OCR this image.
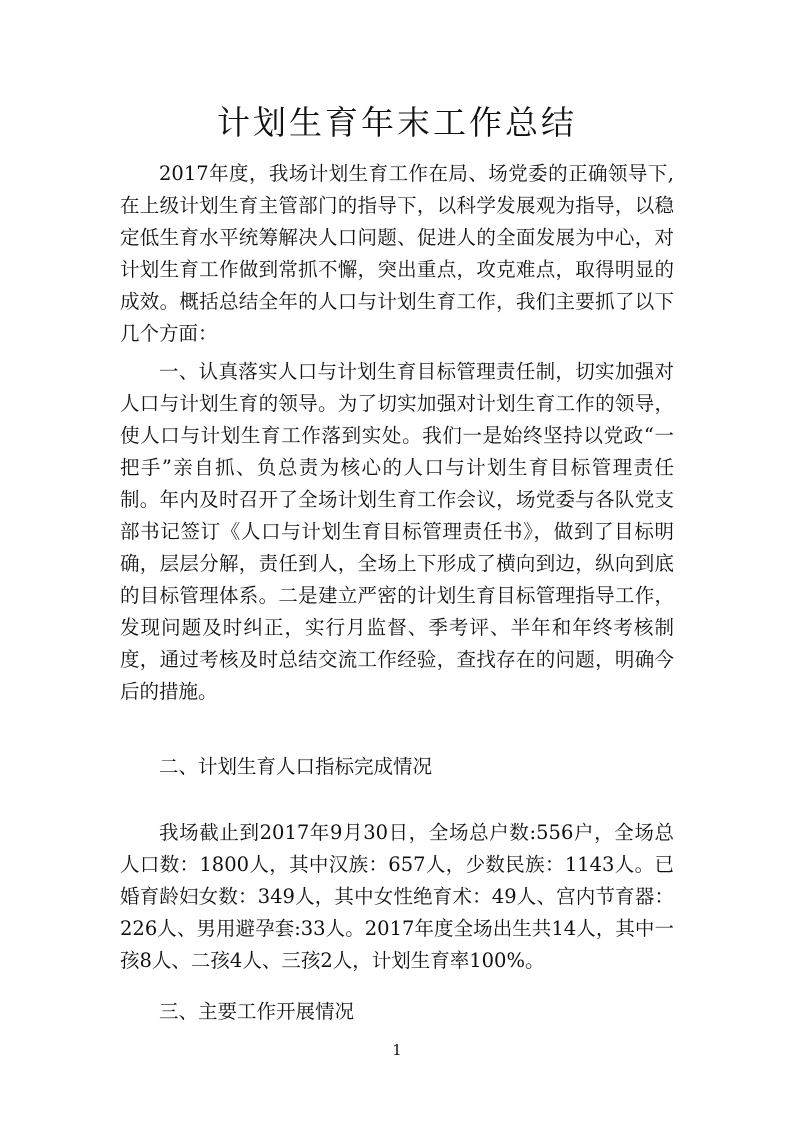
计划生育年末工作总结

2017年度，我场计划生育工作在局、场党委的正确领导下,在上级计划生育主管部门的指导下，以科学发展观为指导，以稳定低生育水平统筹解决人口问题、促进人的全面发展为中心，对计划生育工作做到常抓不懈，突出重点，攻克难点，取得明显的成效。概括总结全年的人口与计划生育工作，我们主要抓了以下几个方面：

一、认真落实人口与计划生育目标管理责任制，切实加强对人口与计划生育的领导。为了切实加强对计划生育工作的领导，使人口与计划生育工作落到实处。我们一是始终坚持以党政“一把手”亲自抓、负总责为核心的人口与计划生育目标管理责任制。年内及时召开了全场计划生育工作会议，场党委与各队党支部书记签订《人口与计划生育目标管理责任书》，做到了目标明确，层层分解，责任到人，全场上下形成了横向到边，纵向到底的目标管理体系。二是建立严密的计划生育目标管理指导工作，发现问题及时纠正，实行月监督、季考评、半年和年终考核制度，通过考核及时总结交流工作经验，查找存在的问题，明确今后的措施。

二、计划生育人口指标完成情况

我场截止到2017年9月30日，全场总户数:556户，全场总人口数：1800人，其中汉族：657人，少数民族：1143人。已婚育龄妇女数：349人，其中女性绝育术：49人、宫内节育器：226人、男用避孕套:33人。2017年度全场出生共14人，其中一孩8人、二孩4人、三孩2人，计划生育率100%。

三、主要工作开展情况

1
